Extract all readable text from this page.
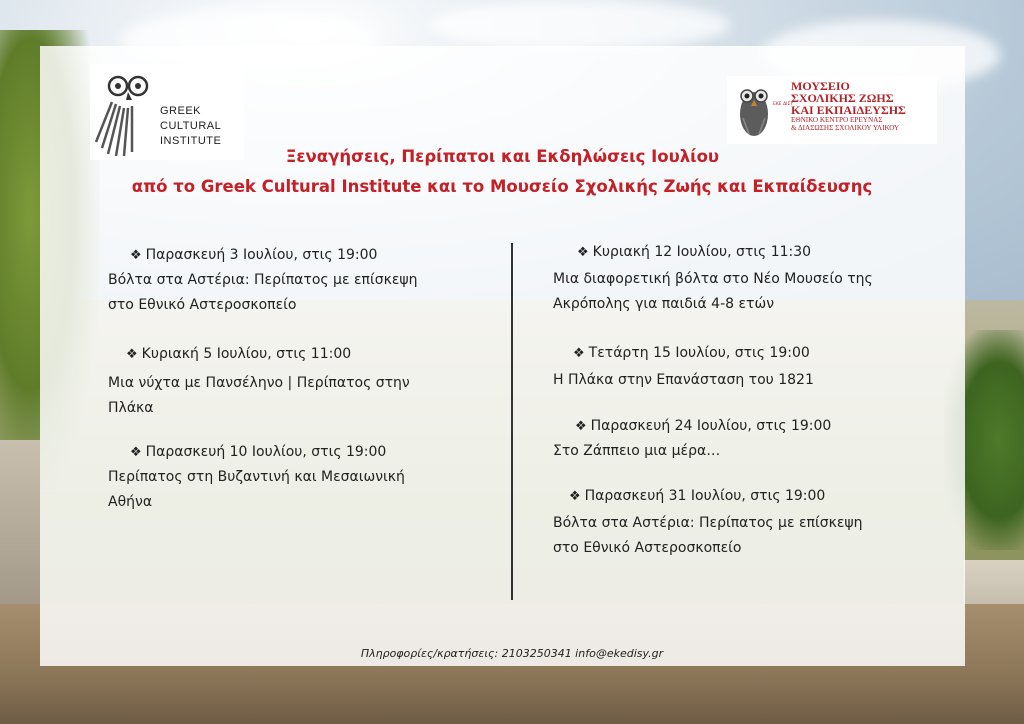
GREEK
CULTURAL
INSTITUTE
ΕΚΕ ΔΙΣΥ
ΜΟΥΣΕΙΟ
ΣΧΟΛΙΚΗΣ ΖΩΗΣ
ΚΑΙ ΕΚΠΑΙΔΕΥΣΗΣ
ΕΘΝΙΚΟ ΚΕΝΤΡΟ ΕΡΕΥΝΑΣ
& ΔΙΑΣΩΣΗΣ ΣΧΟΛΙΚΟΥ ΥΛΙΚΟΥ
Ξεναγήσεις, Περίπατοι και Εκδηλώσεις Ιουλίου
από το Greek Cultural Institute και το Μουσείο Σχολικής Ζωής και Εκπαίδευσης
❖ Παρασκευή 3 Ιουλίου, στις 19:00
Βόλτα στα Αστέρια: Περίπατος με επίσκεψη
στο Εθνικό Αστεροσκοπείο
❖ Κυριακή 5 Ιουλίου, στις 11:00
Μια νύχτα με Πανσέληνο | Περίπατος στην
Πλάκα
❖ Παρασκευή 10 Ιουλίου, στις 19:00
Περίπατος στη Βυζαντινή και Μεσαιωνική
Αθήνα
❖ Κυριακή 12 Ιουλίου, στις 11:30
Μια διαφορετική βόλτα στο Νέο Μουσείο της
Ακρόπολης για παιδιά 4-8 ετών
❖ Τετάρτη 15 Ιουλίου, στις 19:00
Η Πλάκα στην Επανάσταση του 1821
❖ Παρασκευή 24 Ιουλίου, στις 19:00
Στο Ζάππειο μια μέρα…
❖ Παρασκευή 31 Ιουλίου, στις 19:00
Βόλτα στα Αστέρια: Περίπατος με επίσκεψη
στο Εθνικό Αστεροσκοπείο
Πληροφορίες/κρατήσεις: 2103250341 info@ekedisy.gr
